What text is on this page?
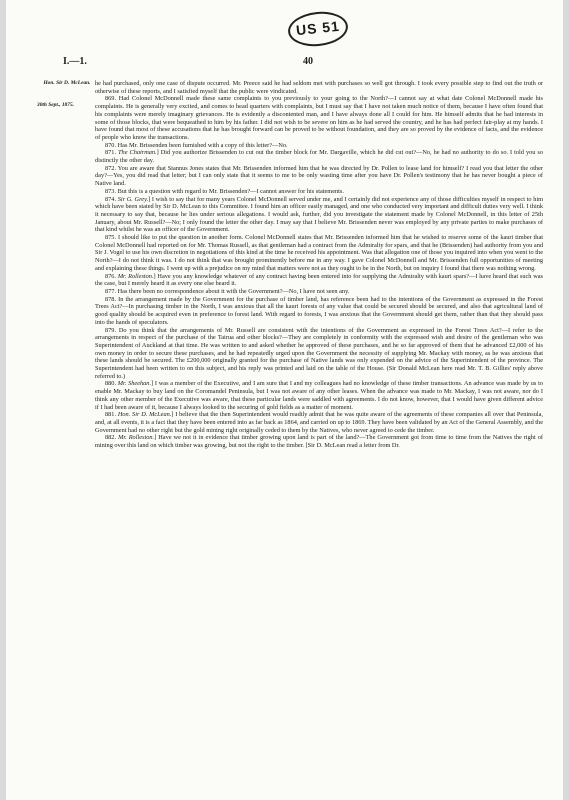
US 51
I.—1.	40
Hon. Sir D. McLean.
30th Sept., 1875.

he had purchased, only one case of dispute occurred. Mr. Preece said he had seldom met with purchases so well got through. I took every possible step to find out the truth or otherwise of these reports, and I satisfied myself that the public were vindicated.

869. Had Colonel McDonnell made these same complaints to you previously to your going to the North?—I cannot say at what date Colonel McDonnell made his complaints. He is generally very excited, and comes to head quarters with complaints, but I must say that I have not taken much notice of them, because I have often found that his complaints were merely imaginary grievances. He is evidently a discontented man, and I have always done all I could for him. He himself admits that he had interests in some of those blocks, that were bequeathed to him by his father. I did not wish to be severe on him as he had served the country, and he has had perfect fair-play at my hands. I have found that most of these accusations that he has brought forward can be proved to be without foundation, and they are so proved by the evidence of facts, and the evidence of people who know the transactions.

870. Has Mr. Brissenden been furnished with a copy of this letter?—No.

871. The Chairman.] Did you authorize Brissenden to cut out the timber block for Mr. Dargaville, which he did cut out?—No, he had no authority to do so. I told you so distinctly the other day.

872. You are aware that Stannus Jones states that Mr. Brissenden informed him that he was directed by Dr. Pollen to lease land for himself? I read you that letter the other day?—Yes, you did read that letter; but I can only state that it seems to me to be only wasting time after you have Dr. Pollen's testimony that he has never bought a piece of Native land.

873. But this is a question with regard to Mr. Brissenden?—I cannot answer for his statements.

874. Sir G. Grey.] I wish to say that for many years Colonel McDonnell served under me, and I certainly did not experience any of those difficulties myself in respect to him which have been stated by Sir D. McLean to this Committee. I found him an officer easily managed, and one who conducted very important and difficult duties very well. I think it necessary to say that, because he lies under serious allegations. I would ask, further, did you investigate the statement made by Colonel McDonnell, in this letter of 25th January, about Mr. Russell?—No; I only found the letter the other day. I may say that I believe Mr. Brissenden never was employed by any private parties to make purchases of that kind whilst he was an officer of the Government.

875. I should like to put the question in another form. Colonel McDonnell states that Mr. Brissenden informed him that he wished to reserve some of the kauri timber that Colonel McDonnell had reported on for Mr. Thomas Russell, as that gentleman had a contract from the Admiralty for spars, and that he (Brissenden) had authority from you and Sir J. Vogel to use his own discretion in negotiations of this kind at the time he received his appointment. Was that allegation one of those you inquired into when you went to the North?—I do not think it was. I do not think that was brought prominently before me in any way. I gave Colonel McDonnell and Mr. Brissenden full opportunities of meeting and explaining these things. I went up with a prejudice on my mind that matters were not as they ought to be in the North, but on inquiry I found that there was nothing wrong.

876. Mr. Rolleston.] Have you any knowledge whatever of any contract having been entered into for supplying the Admiralty with kauri spars?—I have heard that such was the case, but I merely heard it as every one else heard it.

877. Has there been no correspondence about it with the Government?—No, I have not seen any.

878. In the arrangement made by the Government for the purchase of timber land, has reference been had to the intentions of the Government as expressed in the Forest Trees Act?—In purchasing timber in the North, I was anxious that all the kauri forests of any value that could be secured should be secured, and also that agricultural land of good quality should be acquired even in preference to forest land. With regard to forests, I was anxious that the Government should get them, rather than that they should pass into the hands of speculators.

879. Do you think that the arrangements of Mr. Russell are consistent with the intentions of the Government as expressed in the Forest Trees Act?—I refer to the arrangements in respect of the purchase of the Tairua and other blocks?—They are completely in conformity with the expressed wish and desire of the gentleman who was Superintendent of Auckland at that time. He was written to and asked whether he approved of these purchases, and he so far approved of them that he advanced £2,000 of his own money in order to secure these purchases, and he had repeatedly urged upon the Government the necessity of supplying Mr. Mackay with money, as he was anxious that these lands should be secured. The £200,000 originally granted for the purchase of Native lands was only expended on the advice of the Superintendent of the province. The Superintendent had been written to on this subject, and his reply was printed and laid on the table of the House. (Sir Donald McLean here read Mr. T. B. Gillies' reply above referred to.)

880. Mr. Sheehan.] I was a member of the Executive, and I am sure that I and my colleagues had no knowledge of these timber transactions. An advance was made by us to enable Mr. Mackay to buy land on the Coromandel Peninsula, but I was not aware of any other leases. When the advance was made to Mr. Mackay, I was not aware, nor do I think any other member of the Executive was aware, that these particular lands were saddled with agreements. I do not know, however, that I would have given different advice if I had been aware of it, because I always looked to the securing of gold fields as a matter of moment.

881. Hon. Sir D. McLean.] I believe that the then Superintendent would readily admit that he was quite aware of the agreements of these companies all over that Peninsula, and, at all events, it is a fact that they have been entered into as far back as 1864, and carried on up to 1869. They have been validated by an Act of the General Assembly, and the Government had no other right but the gold mining right originally ceded to them by the Natives, who never agreed to cede the timber.

882. Mr. Rolleston.] Have we not it in evidence that timber growing upon land is part of the land?—The Government got from time to time from the Natives the right of mining over this land on which timber was growing, but not the right to the timber. [Sir D. McLean read a letter from Dr.
